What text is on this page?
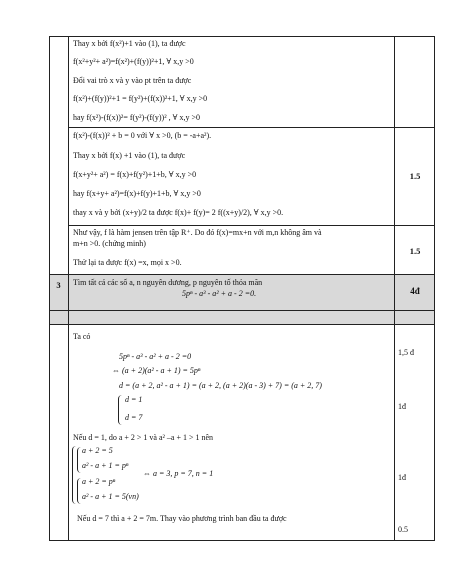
Thay x bởi f(x²)+1 vào (1), ta được
f(x²+y²+ a²)=f(x²)+(f(y))²+1, ∀ x,y >0
Đổi vai trò x và y vào pt trên ta được
f(x²)+(f(y))²+1 = f(y²)+(f(x))²+1, ∀ x,y >0
hay f(x²)-(f(x))²= f(y²)-(f(y))² , ∀ x,y >0
f(x²)-(f(x))² + b = 0 với ∀ x >0, (b = -a+a²).
Thay x bởi f(x) +1 vào (1), ta được
f(x+y²+ a²) = f(x)+f(y²)+1+b, ∀ x,y >0
hay f(x+y+ a²)=f(x)+f(y)+1+b, ∀ x,y >0
thay x và y bởi (x+y)/2 ta được f(x)+ f(y)= 2 f((x+y)/2), ∀ x,y >0.
1.5
Như vậy, f là hàm jensen trên tập R⁺. Do đó f(x)=mx+n với m,n không âm và
m+n >0. (chứng minh)
Thử lại ta được f(x) =x, mọi x >0.
1.5
3	Tìm tất cả các số a, n nguyên dương, p nguyên tố thỏa mãn
5pⁿ - a³ - a² + a - 2 =0.	4đ
Ta có
5pⁿ - a³ - a² + a - 2 =0
⇔ (a + 2)(a² - a + 1) = 5pⁿ
d = (a + 2, a² - a + 1) = (a + 2, (a + 2)(a - 3) + 7) = (a + 2, 7)
d = 1
d = 7
Nếu d = 1, do a + 2 > 1 và a² –a + 1 > 1 nên
a + 2 = 5
a² - a + 1 = pⁿ
a + 2 = pⁿ
a² - a + 1 = 5(vn)
⇔ a = 3, p = 7, n = 1
Nếu d = 7 thì a + 2 = 7m. Thay vào phương trình ban đầu ta được
1,5 đ
1đ
1đ
0.5
